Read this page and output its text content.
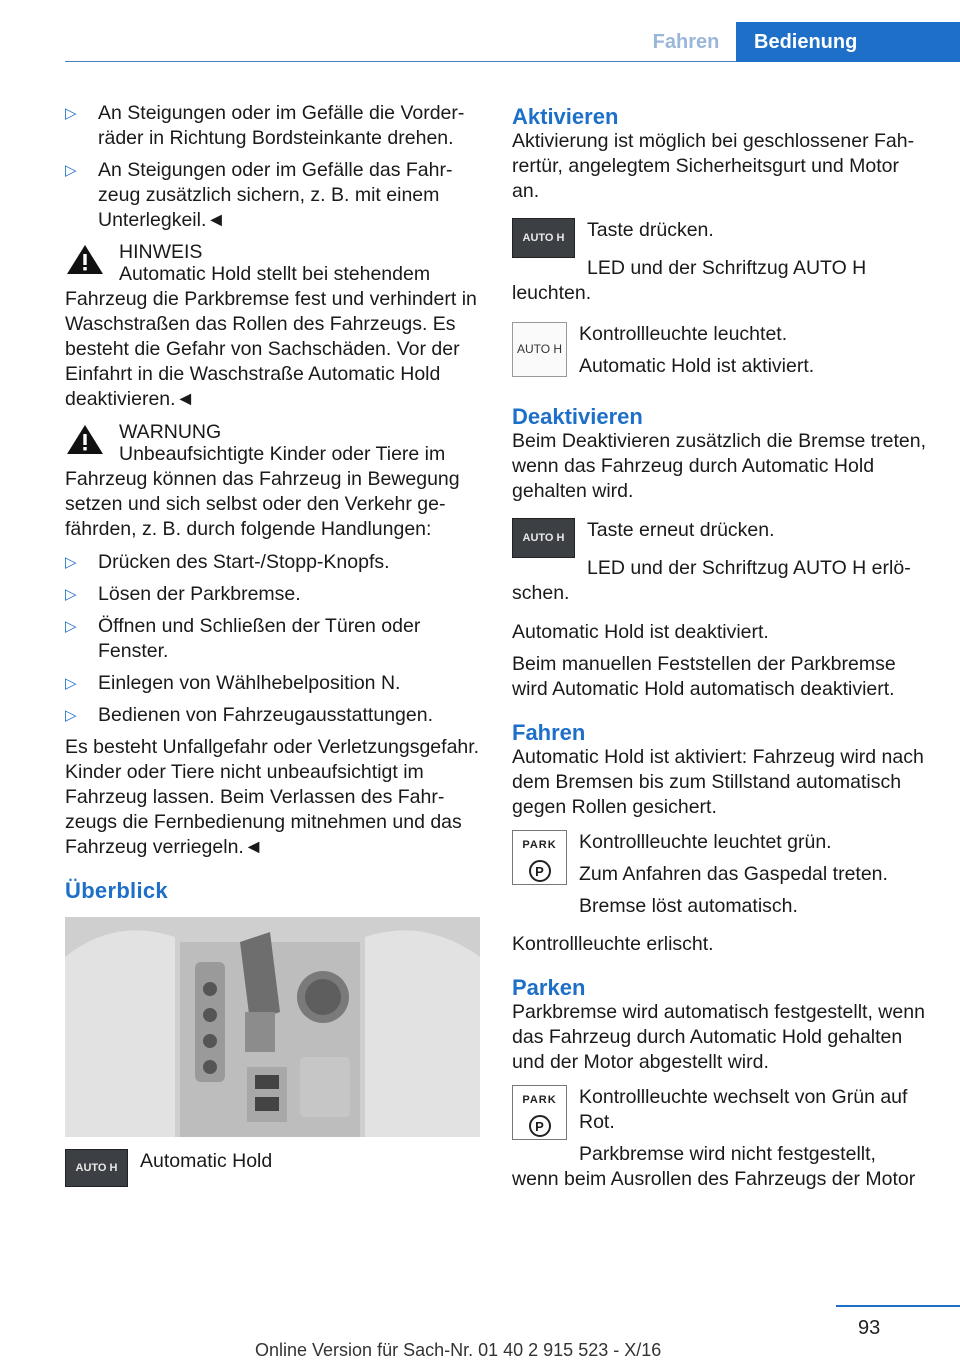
Fahren	Bedienung
▷	An Steigungen oder im Gefälle die Vorderräder in Richtung Bordsteinkante drehen.
▷	An Steigungen oder im Gefälle das Fahrzeug zusätzlich sichern, z. B. mit einem Unterlegkeil.◄
HINWEIS

Automatic Hold stellt bei stehendem Fahrzeug die Parkbremse fest und verhindert in Waschstraßen das Rollen des Fahrzeugs. Es besteht die Gefahr von Sachschäden. Vor der Einfahrt in die Waschstraße Automatic Hold deaktivieren.◄

WARNUNG

Unbeaufsichtigte Kinder oder Tiere im Fahrzeug können das Fahrzeug in Bewegung setzen und sich selbst oder den Verkehr gefährden, z. B. durch folgende Handlungen:

▷	Drücken des Start-/Stopp-Knopfs.
▷	Lösen der Parkbremse.
▷	Öffnen und Schließen der Türen oder Fenster.
▷	Einlegen von Wählhebelposition N.
▷	Bedienen von Fahrzeugausstattungen.

Es besteht Unfallgefahr oder Verletzungsgefahr. Kinder oder Tiere nicht unbeaufsichtigt im Fahrzeug lassen. Beim Verlassen des Fahrzeugs die Fernbedienung mitnehmen und das Fahrzeug verriegeln.◄

Überblick
AUTO H	Automatic Hold

Aktivieren

Aktivierung ist möglich bei geschlossener Fahrertür, angelegtem Sicherheitsgurt und Motor an.

AUTO H	Taste drücken.

LED und der Schriftzug AUTO H leuchten.

AUTO H

Kontrollleuchte leuchtet.

Automatic Hold ist aktiviert.

Deaktivieren

Beim Deaktivieren zusätzlich die Bremse treten, wenn das Fahrzeug durch Automatic Hold gehalten wird.

AUTO H	Taste erneut drücken.

LED und der Schriftzug AUTO H erlöschen.

Automatic Hold ist deaktiviert.

Beim manuellen Feststellen der Parkbremse wird Automatic Hold automatisch deaktiviert.

Fahren

Automatic Hold ist aktiviert: Fahrzeug wird nach dem Bremsen bis zum Stillstand automatisch gegen Rollen gesichert.

PARK
P

Kontrollleuchte leuchtet grün.

Zum Anfahren das Gaspedal treten.

Bremse löst automatisch.

Kontrollleuchte erlischt.

Parken

Parkbremse wird automatisch festgestellt, wenn das Fahrzeug durch Automatic Hold gehalten und der Motor abgestellt wird.

PARK
P

Kontrollleuchte wechselt von Grün auf Rot.

Parkbremse wird nicht festgestellt, wenn beim Ausrollen des Fahrzeugs der Motor

93
Online Version für Sach-Nr. 01 40 2 915 523 - X/16
